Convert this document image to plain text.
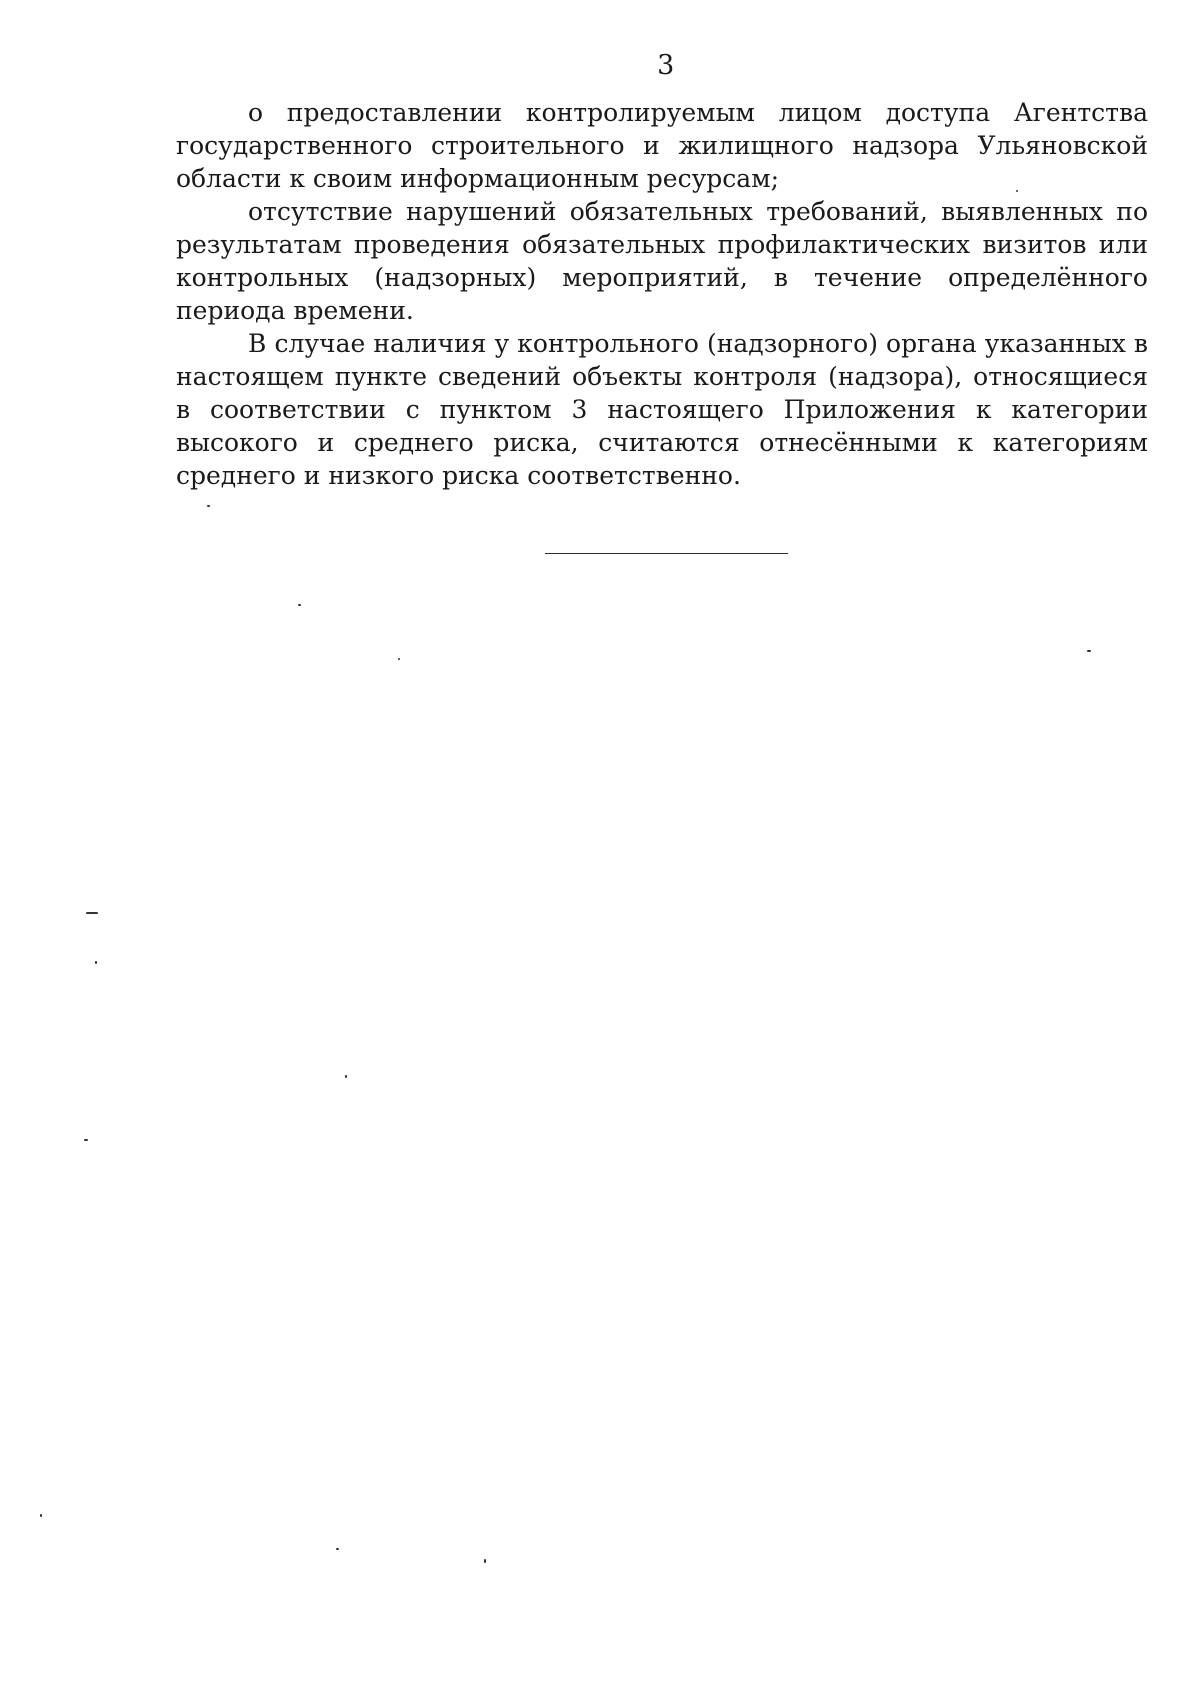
3

о предоставлении контролируемым лицом доступа Агентства государственного строительного и жилищного надзора Ульяновской области к своим информационным ресурсам;

отсутствие нарушений обязательных требований, выявленных по результатам проведения обязательных профилактических визитов или контрольных (надзорных) мероприятий, в течение определённого периода времени.

В случае наличия у контрольного (надзорного) органа указанных в настоящем пункте сведений объекты контроля (надзора), относящиеся в соответствии с пунктом 3 настоящего Приложения к категории высокого и среднего риска, считаются отнесёнными к категориям среднего и низкого риска соответственно.
